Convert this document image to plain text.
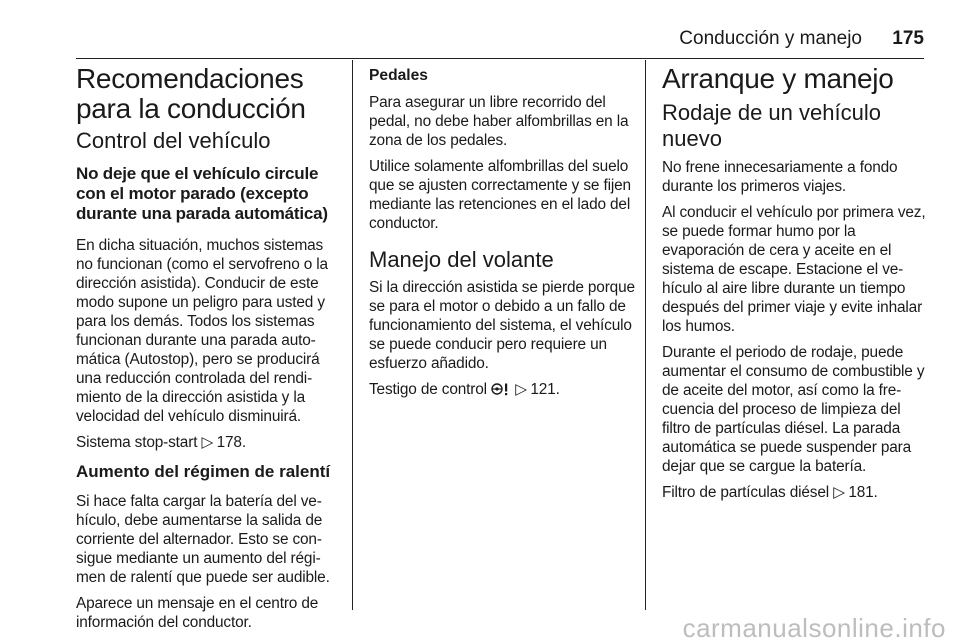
Conducción y manejo 175
Recomendaciones para la conducción
Control del vehículo
No deje que el vehículo circule con el motor parado (excepto durante una parada automática)

En dicha situación, muchos sistemas no funcionan (como el servofreno o la dirección asistida). Conducir de este modo supone un peligro para usted y para los demás. Todos los sistemas funcionan durante una parada automática (Autostop), pero se producirá una reducción controlada del rendimiento de la dirección asistida y la velocidad del vehículo disminuirá.

Sistema stop-start ▷ 178.

Aumento del régimen de ralentí

Si hace falta cargar la batería del vehículo, debe aumentarse la salida de corriente del alternador. Esto se consigue mediante un aumento del régimen de ralentí que puede ser audible.

Aparece un mensaje en el centro de información del conductor.

Pedales

Para asegurar un libre recorrido del pedal, no debe haber alfombrillas en la zona de los pedales.

Utilice solamente alfombrillas del suelo que se ajusten correctamente y se fijen mediante las retenciones en el lado del conductor.

Manejo del volante

Si la dirección asistida se pierde porque se para el motor o debido a un fallo de funcionamiento del sistema, el vehículo se puede conducir pero requiere un esfuerzo añadido.

Testigo de control ▷ 121.

Arranque y manejo
Rodaje de un vehículo nuevo

No frene innecesariamente a fondo durante los primeros viajes.

Al conducir el vehículo por primera vez, se puede formar humo por la evaporación de cera y aceite en el sistema de escape. Estacione el vehículo al aire libre durante un tiempo después del primer viaje y evite inhalar los humos.

Durante el periodo de rodaje, puede aumentar el consumo de combustible y de aceite del motor, así como la frecuencia del proceso de limpieza del filtro de partículas diésel. La parada automática se puede suspender para dejar que se cargue la batería.

Filtro de partículas diésel ▷ 181.

carmanualsonline.info
